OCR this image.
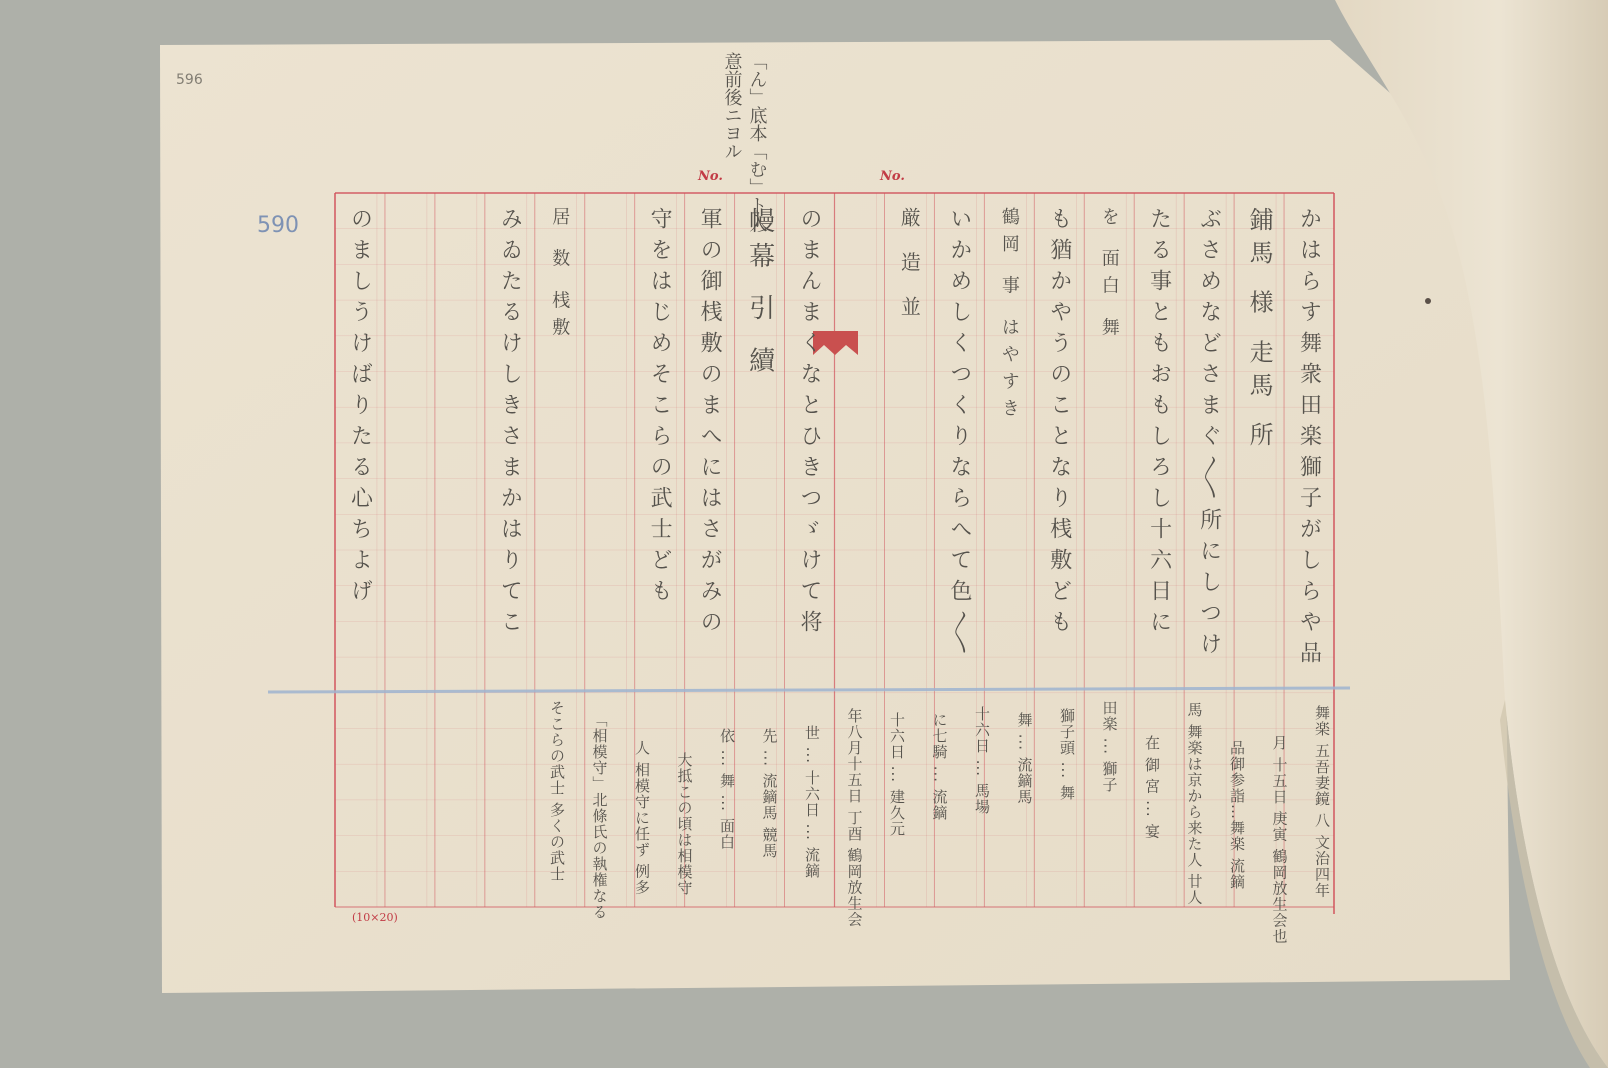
596
590
No.	No.
(10×20)
「ん」底本「む」ト入
意前後ニヨル
かはらす舞衆田楽獅子がしらや品
鋪馬 様 走馬 所
ぶさめなどさまぐ〱所にしつけ
たる事ともおもしろし十六日に
を 面白 舞
も猶かやうのことなり桟敷ども
鶴岡 事 はやすき
いかめしくつくりならへて色〱
厳 造 並
のまんまくなとひきつゞけて将
幔幕 引 續
軍の御桟敷のまへにはさがみの
守をはじめそこらの武士ども
居 数 桟敷
みゐたるけしきさまかはりてこ
のましうけばりたる心ちよげ
舞楽 五吾妻鏡 八 文治四年
月 十五日 庚寅 鶴岡放生会也
品御参詣…舞楽 流鏑
馬 舞楽は京から来た人 廿人
在 御 宮 ... 宴
田楽 ... 獅子
獅子頭 ... 舞
舞 ... 流鏑馬
十六日 ... 馬場
に七騎 ... 流鏑
十六日 ... 建久元
年八月十五日 丁酉 鶴岡放生会
世 ... 十六日 ... 流鏑
先 ... 流鏑馬 競馬
依 ... 舞 ... 面白
大抵この頃は相模守
人 相模守に任ず 例多
「相模守」北條氏の執権なる
そこらの武士 多くの武士
